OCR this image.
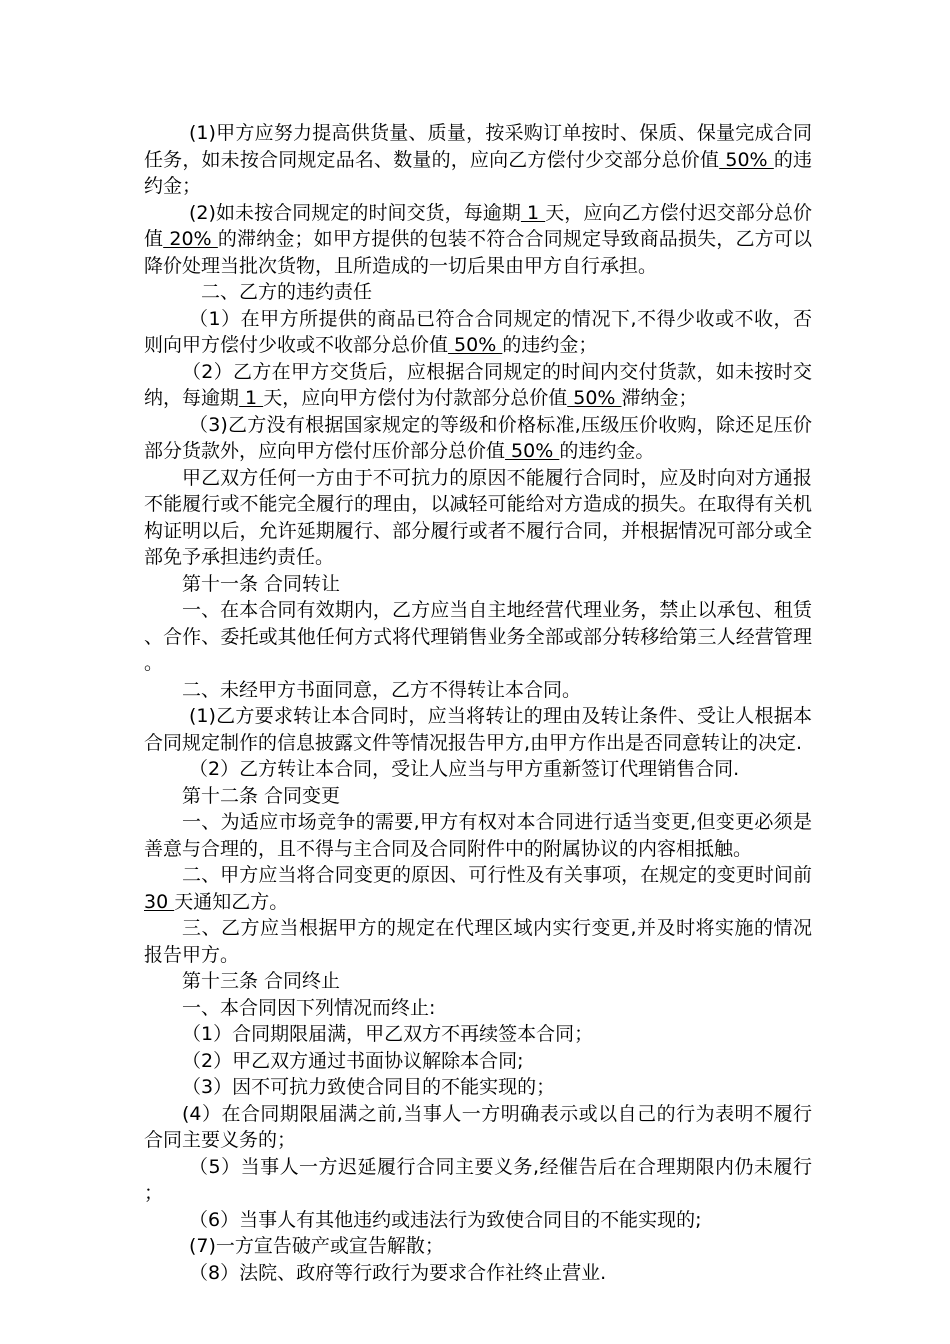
(1)甲方应努力提高供货量、质量，按采购订单按时、保质、保量完成合同任务，如未按合同规定品名、数量的，应向乙方偿付少交部分总价值 50% 的违约金；

(2)如未按合同规定的时间交货，每逾期 1 天，应向乙方偿付迟交部分总价值 20% 的滞纳金；如甲方提供的包装不符合合同规定导致商品损失，乙方可以降价处理当批次货物，且所造成的一切后果由甲方自行承担。

二、乙方的违约责任

（1）在甲方所提供的商品已符合合同规定的情况下,不得少收或不收，否则向甲方偿付少收或不收部分总价值 50% 的违约金；

（2）乙方在甲方交货后，应根据合同规定的时间内交付货款，如未按时交纳，每逾期 1 天，应向甲方偿付为付款部分总价值 50% 滞纳金；

（3)乙方没有根据国家规定的等级和价格标准,压级压价收购，除还足压价部分货款外，应向甲方偿付压价部分总价值 50% 的违约金。

甲乙双方任何一方由于不可抗力的原因不能履行合同时，应及时向对方通报不能履行或不能完全履行的理由，以减轻可能给对方造成的损失。在取得有关机构证明以后，允许延期履行、部分履行或者不履行合同，并根据情况可部分或全部免予承担违约责任。

第十一条 合同转让

一、在本合同有效期内，乙方应当自主地经营代理业务，禁止以承包、租赁、合作、委托或其他任何方式将代理销售业务全部或部分转移给第三人经营管理。

二、未经甲方书面同意，乙方不得转让本合同。

(1)乙方要求转让本合同时，应当将转让的理由及转让条件、受让人根据本合同规定制作的信息披露文件等情况报告甲方,由甲方作出是否同意转让的决定.

（2）乙方转让本合同，受让人应当与甲方重新签订代理销售合同.

第十二条 合同变更

一、为适应市场竞争的需要,甲方有权对本合同进行适当变更,但变更必须是善意与合理的，且不得与主合同及合同附件中的附属协议的内容相抵触。

二、甲方应当将合同变更的原因、可行性及有关事项，在规定的变更时间前 30 天通知乙方。

三、乙方应当根据甲方的规定在代理区域内实行变更,并及时将实施的情况报告甲方。

第十三条 合同终止

一、本合同因下列情况而终止:

（1）合同期限届满，甲乙双方不再续签本合同；

（2）甲乙双方通过书面协议解除本合同;

（3）因不可抗力致使合同目的不能实现的；

(4）在合同期限届满之前,当事人一方明确表示或以自己的行为表明不履行合同主要义务的；

（5）当事人一方迟延履行合同主要义务,经催告后在合理期限内仍未履行；

（6）当事人有其他违约或违法行为致使合同目的不能实现的;

(7)一方宣告破产或宣告解散；

（8）法院、政府等行政行为要求合作社终止营业.
